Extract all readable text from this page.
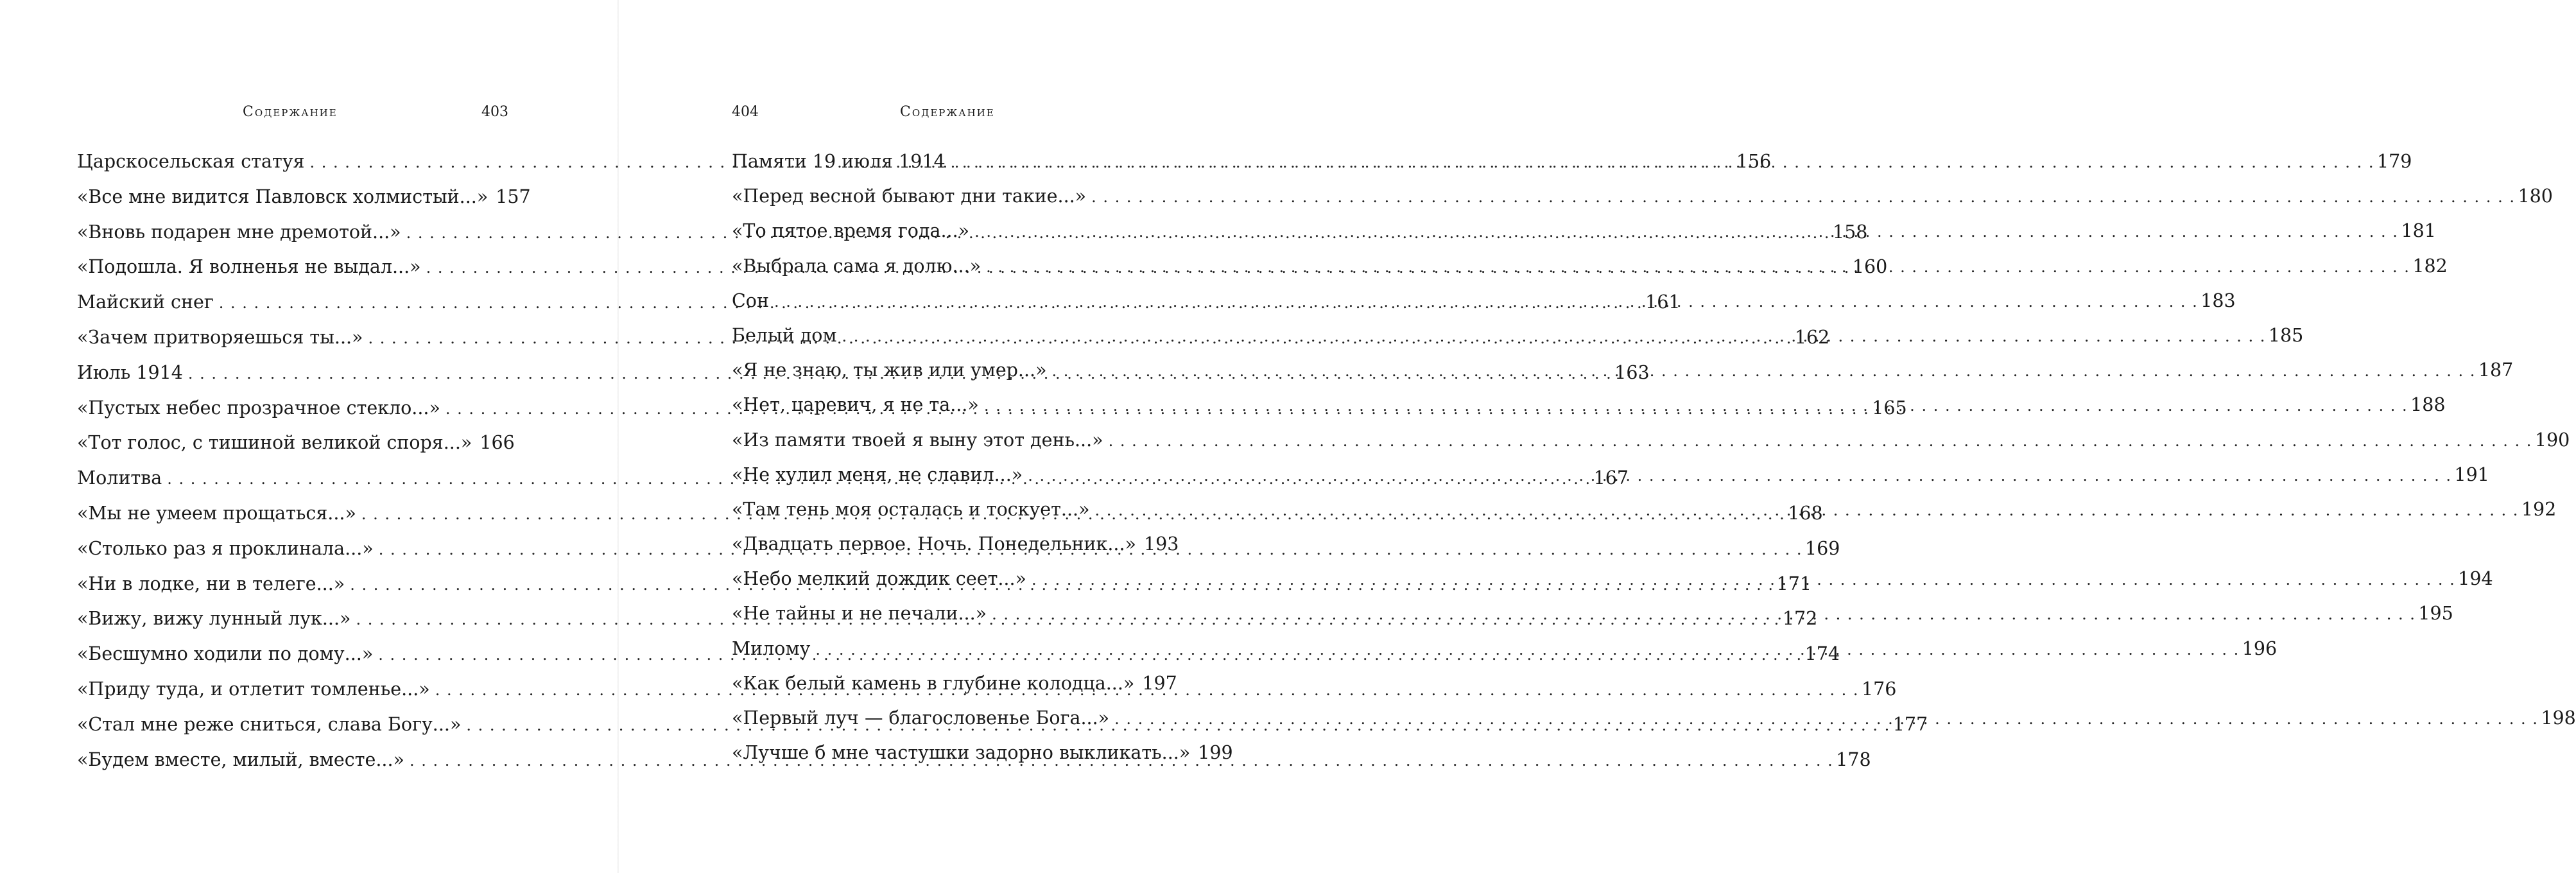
Содержание	403
Царскосельская статуя . . .	156
«Все мне видится Павловск холмистый...» 157
«Вновь подарен мне дремотой...» . . .	158
«Подошла. Я волненья не выдал...» . . .	160
Майский снег . . .	161
«Зачем притворяешься ты...» . . .	162
Июль 1914 . . .	163
«Пустых небес прозрачное стекло...» . . .	165
«Тот голос, с тишиной великой споря...» 166
Молитва . . .	167
«Мы не умеем прощаться...» . . .	168
«Столько раз я проклинала...» . . .	169
«Ни в лодке, ни в телеге...» . . .	171
«Вижу, вижу лунный лук...» . . .	172
«Бесшумно ходили по дому...» . . .	174
«Приду туда, и отлетит томленье...» . . .	176
«Стал мне реже сниться, слава Богу...» . . .	177
«Будем вместе, милый, вместе...» . . .	178
404	Содержание
Памяти 19 июля 1914 . . .	179
«Перед весной бывают дни такие...» . . .	180
«То пятое время года...» . . .	181
«Выбрала сама я долю...» . . .	182
Сон . . .	183
Белый дом . . .	185
«Я не знаю, ты жив или умер...» . . .	187
«Нет, царевич, я не та...» . . .	188
«Из памяти твоей я выну этот день...» . . .	190
«Не хулил меня, не славил...» . . .	191
«Там тень моя осталась и тоскует...» . . .	192
«Двадцать первое. Ночь. Понедельник...» 193
«Небо мелкий дождик сеет...» . . .	194
«Не тайны и не печали...» . . .	195
Милому . . .	196
«Как белый камень в глубине колодца...» 197
«Первый луч — благословенье Бога...» . . .	198
«Лучше б мне частушки задорно выкликать...» 199
